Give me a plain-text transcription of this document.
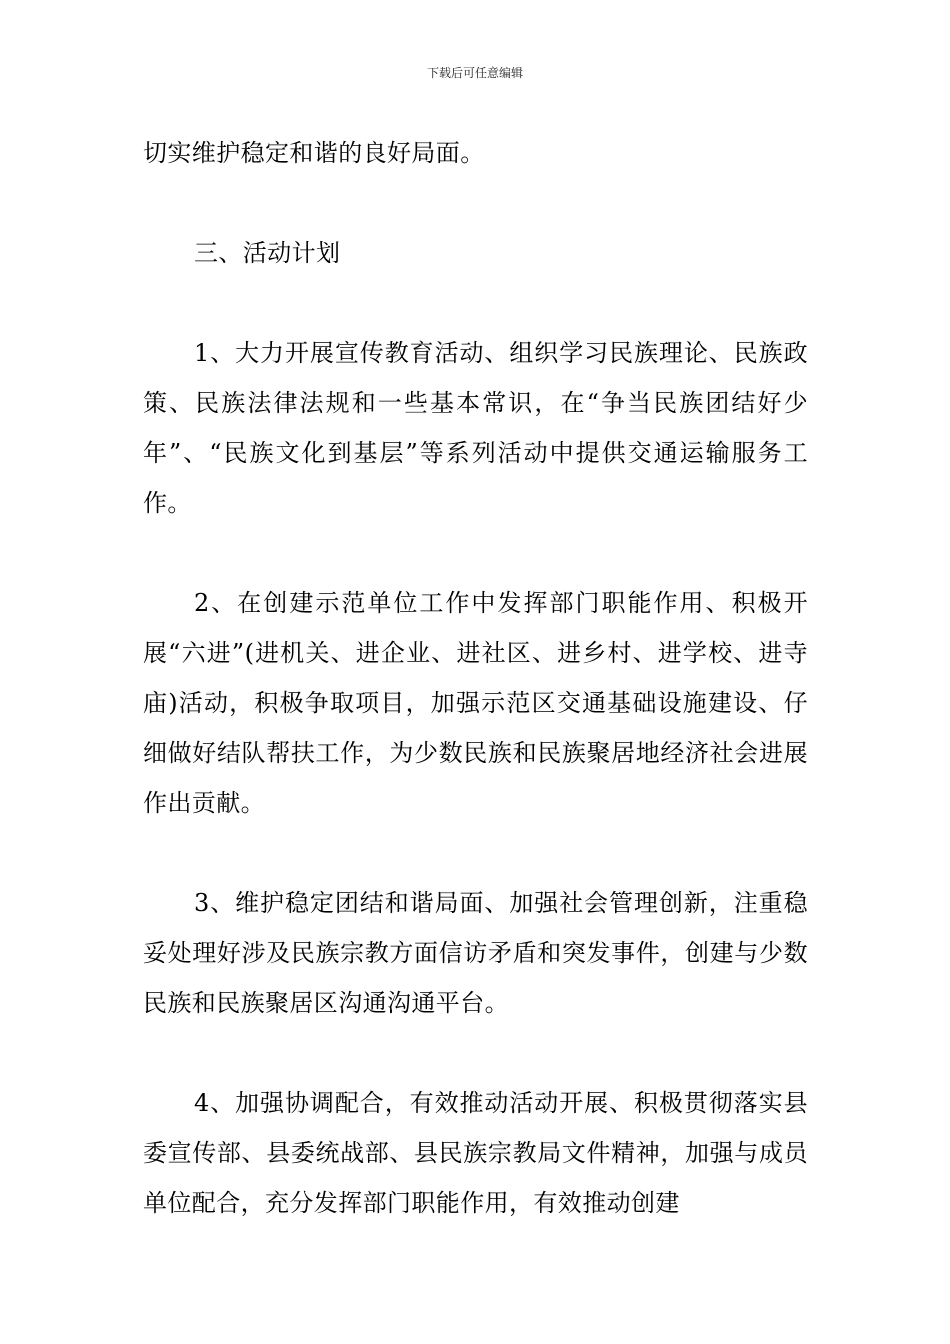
下载后可任意编辑

切实维护稳定和谐的良好局面。

三、活动计划

1、大力开展宣传教育活动、组织学习民族理论、民族政策、民族法律法规和一些基本常识，在“争当民族团结好少年”、“民族文化到基层”等系列活动中提供交通运输服务工作。

2、在创建示范单位工作中发挥部门职能作用、积极开展“六进”(进机关、进企业、进社区、进乡村、进学校、进寺庙)活动，积极争取项目，加强示范区交通基础设施建设、仔细做好结队帮扶工作，为少数民族和民族聚居地经济社会进展作出贡献。

3、维护稳定团结和谐局面、加强社会管理创新，注重稳妥处理好涉及民族宗教方面信访矛盾和突发事件，创建与少数民族和民族聚居区沟通沟通平台。

4、加强协调配合，有效推动活动开展、积极贯彻落实县委宣传部、县委统战部、县民族宗教局文件精神，加强与成员单位配合，充分发挥部门职能作用，有效推动创建
